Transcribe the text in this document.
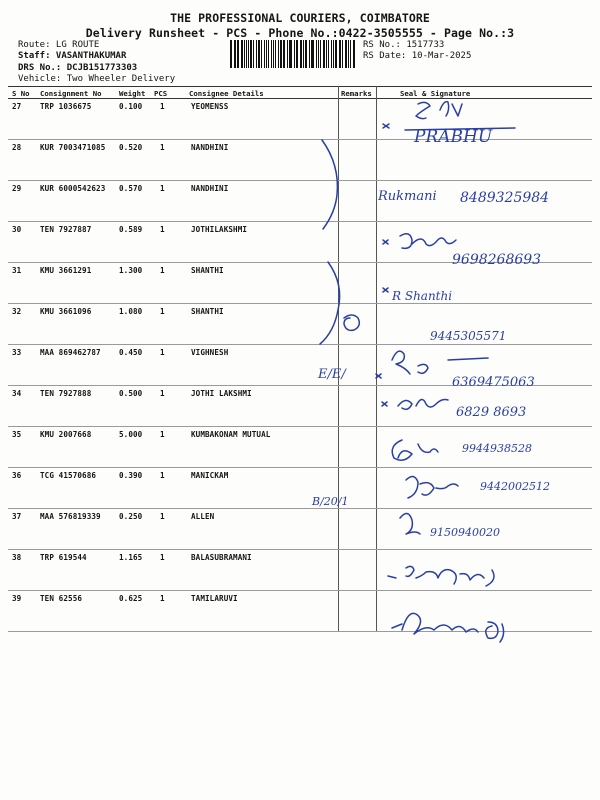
THE PROFESSIONAL COURIERS, COIMBATORE
Delivery Runsheet - PCS - Phone No.:0422-3505555 - Page No.:3
Route: LG ROUTE
Staff: VASANTHAKUMAR
DRS No.: DCJB151773303
Vehicle: Two Wheeler Delivery
RS No.: 1517733
RS Date: 10-Mar-2025
S No Consignment No Weight PCS	Consignee Details	Remarks	Seal & Signature
27 TRP 1036675	0.100 1	YEOMENSS
28 KUR 7003471085 0.520 1	NANDHINI
29 KUR 6000542623 0.570 1	NANDHINI
30 TEN 7927887	0.589 1	JOTHILAKSHMI
31 KMU 3661291	1.300 1	SHANTHI
32 KMU 3661096	1.080 1	SHANTHI
33 MAA 869462787 0.450 1	VIGHNESH
34 TEN 7927888	0.500 1	JOTHI LAKSHMI
35 KMU 2007668	5.000 1	KUMBAKONAM MUTUAL
36 TCG 41570686	0.390 1	MANICKAM
37 MAA 576819339 0.250 1	ALLEN
38 TRP 619544	1.165 1	BALASUBRAMANI
39 TEN 62556	0.625 1	TAMILARUVI
PRABHU
Rukmani 8489325984
9698268693
R Shanthi
9445305571
E/E/
6369475063
6829 8693
9944938528
B/20/1
9442002512
9150940020
